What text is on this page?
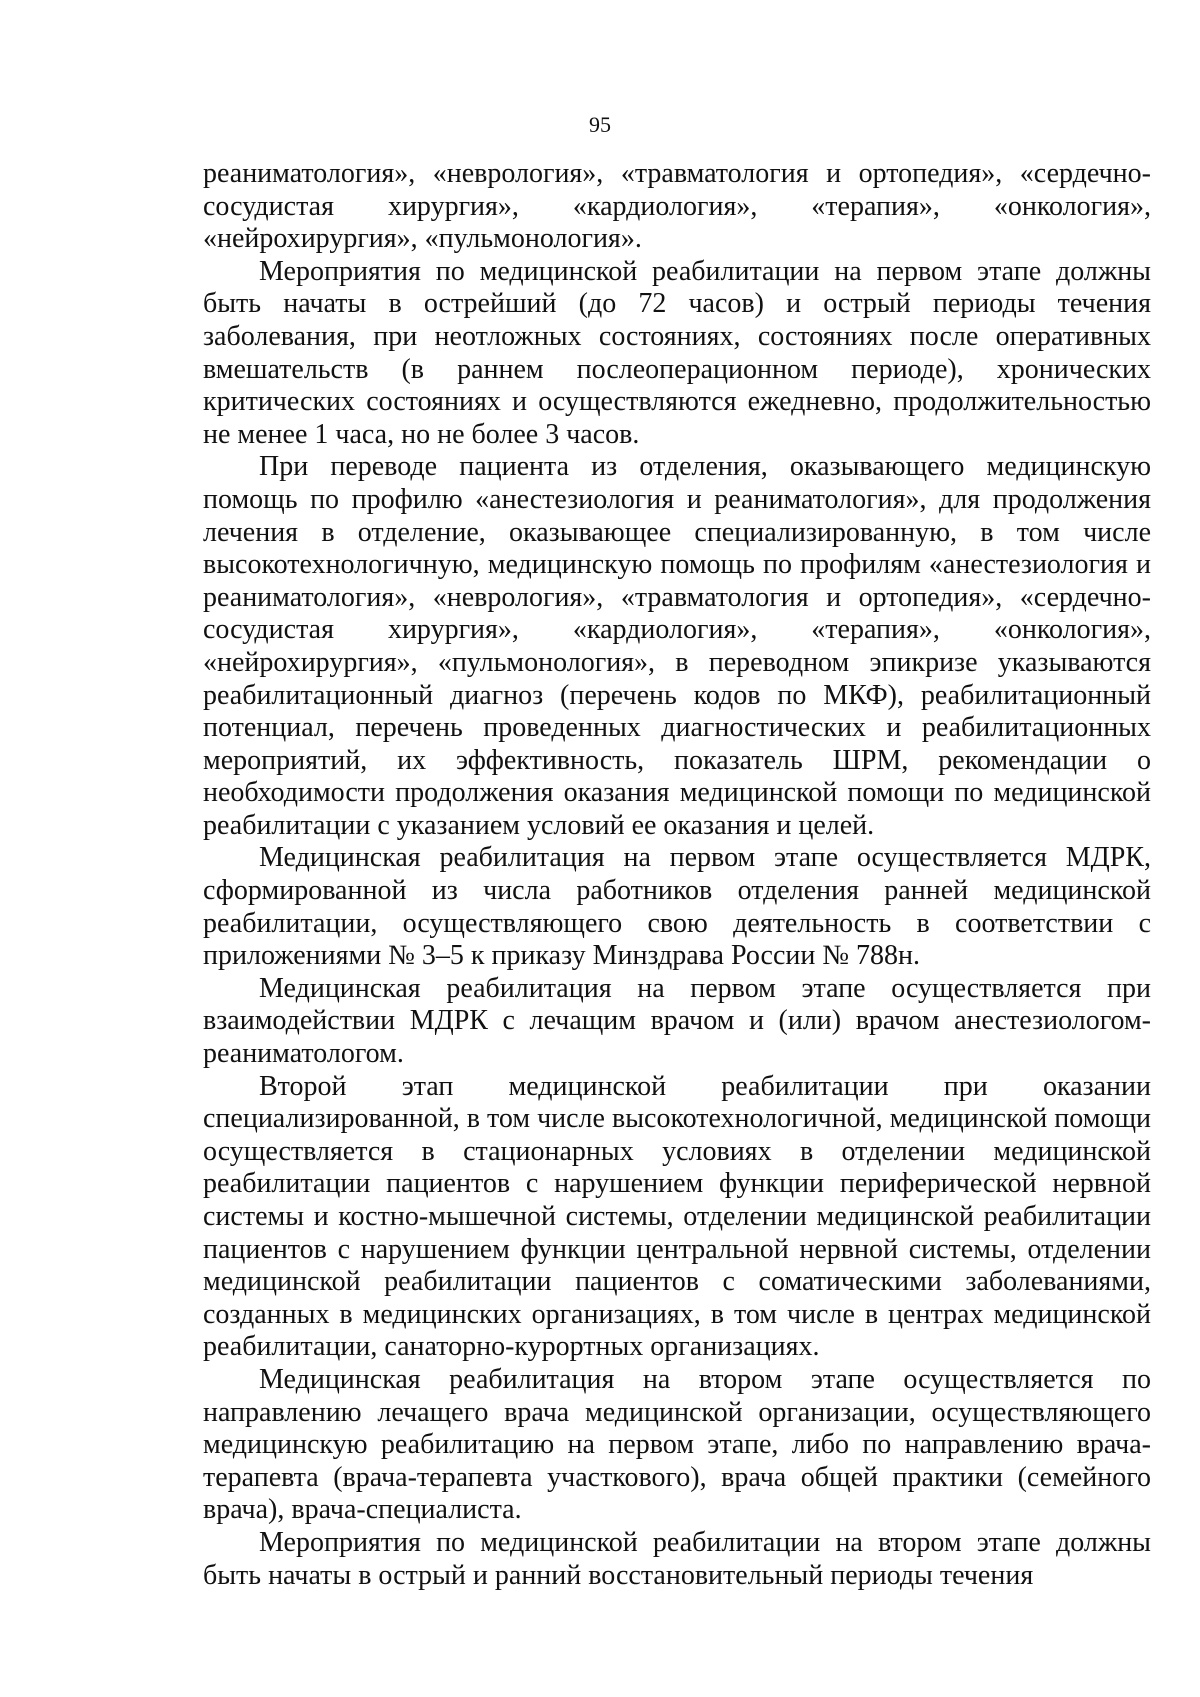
95

реаниматология», «неврология», «травматология и ортопедия», «сердечно-сосудистая хирургия», «кардиология», «терапия», «онкология», «нейрохирургия», «пульмонология».

Мероприятия по медицинской реабилитации на первом этапе должны быть начаты в острейший (до 72 часов) и острый периоды течения заболевания, при неотложных состояниях, состояниях после оперативных вмешательств (в раннем послеоперационном периоде), хронических критических состояниях и осуществляются ежедневно, продолжительностью не менее 1 часа, но не более 3 часов.

При переводе пациента из отделения, оказывающего медицинскую помощь по профилю «анестезиология и реаниматология», для продолжения лечения в отделение, оказывающее специализированную, в том числе высокотехнологичную, медицинскую помощь по профилям «анестезиология и реаниматология», «неврология», «травматология и ортопедия», «сердечно-сосудистая хирургия», «кардиология», «терапия», «онкология», «нейрохирургия», «пульмонология», в переводном эпикризе указываются реабилитационный диагноз (перечень кодов по МКФ), реабилитационный потенциал, перечень проведенных диагностических и реабилитационных мероприятий, их эффективность, показатель ШРМ, рекомендации о необходимости продолжения оказания медицинской помощи по медицинской реабилитации с указанием условий ее оказания и целей.

Медицинская реабилитация на первом этапе осуществляется МДРК, сформированной из числа работников отделения ранней медицинской реабилитации, осуществляющего свою деятельность в соответствии с приложениями № 3–5 к приказу Минздрава России № 788н.

Медицинская реабилитация на первом этапе осуществляется при взаимодействии МДРК с лечащим врачом и (или) врачом анестезиологом-реаниматологом.

Второй этап медицинской реабилитации при оказании специализированной, в том числе высокотехнологичной, медицинской помощи осуществляется в стационарных условиях в отделении медицинской реабилитации пациентов с нарушением функции периферической нервной системы и костно-мышечной системы, отделении медицинской реабилитации пациентов с нарушением функции центральной нервной системы, отделении медицинской реабилитации пациентов с соматическими заболеваниями, созданных в медицинских организациях, в том числе в центрах медицинской реабилитации, санаторно-курортных организациях.

Медицинская реабилитация на втором этапе осуществляется по направлению лечащего врача медицинской организации, осуществляющего медицинскую реабилитацию на первом этапе, либо по направлению врача-терапевта (врача-терапевта участкового), врача общей практики (семейного врача), врача-специалиста.

Мероприятия по медицинской реабилитации на втором этапе должны быть начаты в острый и ранний восстановительный периоды течения
